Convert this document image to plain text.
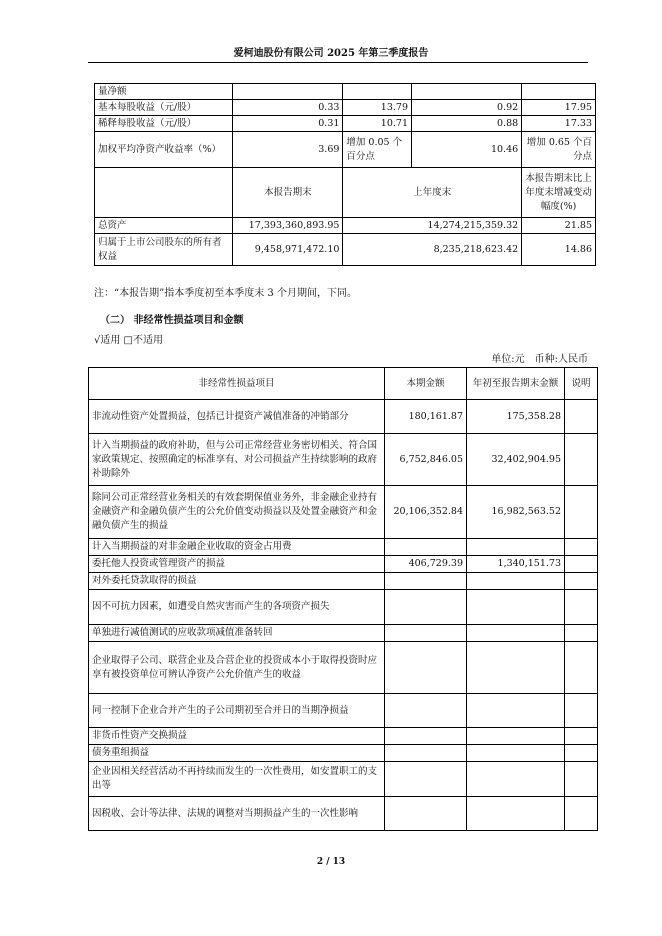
爱柯迪股份有限公司 2025 年第三季度报告
量净额				
基本每股收益（元/股）	0.33	13.79	0.92	17.95
稀释每股收益（元/股）	0.31	10.71	0.88	17.33
加权平均净资产收益率（%）	3.69	增加 0.05 个百分点	10.46	增加 0.65 个百分点
	本报告期末	上年度末		本报告期末比上年度末增减变动幅度(%)
总资产	17,393,360,893.95	14,274,215,359.32		21.85
归属于上市公司股东的所有者权益	9,458,971,472.10	8,235,218,623.42		14.86
注：“本报告期”指本季度初至本季度末 3 个月期间，下同。
（二） 非经常性损益项目和金额
√适用 □不适用
单位:元　币种:人民币
非经常性损益项目	本期金额	年初至报告期末金额	说明
非流动性资产处置损益，包括已计提资产减值准备的冲销部分	180,161.87	175,358.28	
计入当期损益的政府补助，但与公司正常经营业务密切相关、符合国家政策规定、按照确定的标准享有、对公司损益产生持续影响的政府补助除外	6,752,846.05	32,402,904.95	
除同公司正常经营业务相关的有效套期保值业务外，非金融企业持有金融资产和金融负债产生的公允价值变动损益以及处置金融资产和金融负债产生的损益	20,106,352.84	16,982,563.52	
计入当期损益的对非金融企业收取的资金占用费			
委托他人投资或管理资产的损益	406,729.39	1,340,151.73	
对外委托贷款取得的损益			
因不可抗力因素，如遭受自然灾害而产生的各项资产损失			
单独进行减值测试的应收款项减值准备转回			
企业取得子公司、联营企业及合营企业的投资成本小于取得投资时应享有被投资单位可辨认净资产公允价值产生的收益			
同一控制下企业合并产生的子公司期初至合并日的当期净损益			
非货币性资产交换损益			
债务重组损益			
企业因相关经营活动不再持续而发生的一次性费用，如安置职工的支出等			
因税收、会计等法律、法规的调整对当期损益产生的一次性影响			
2 / 13
